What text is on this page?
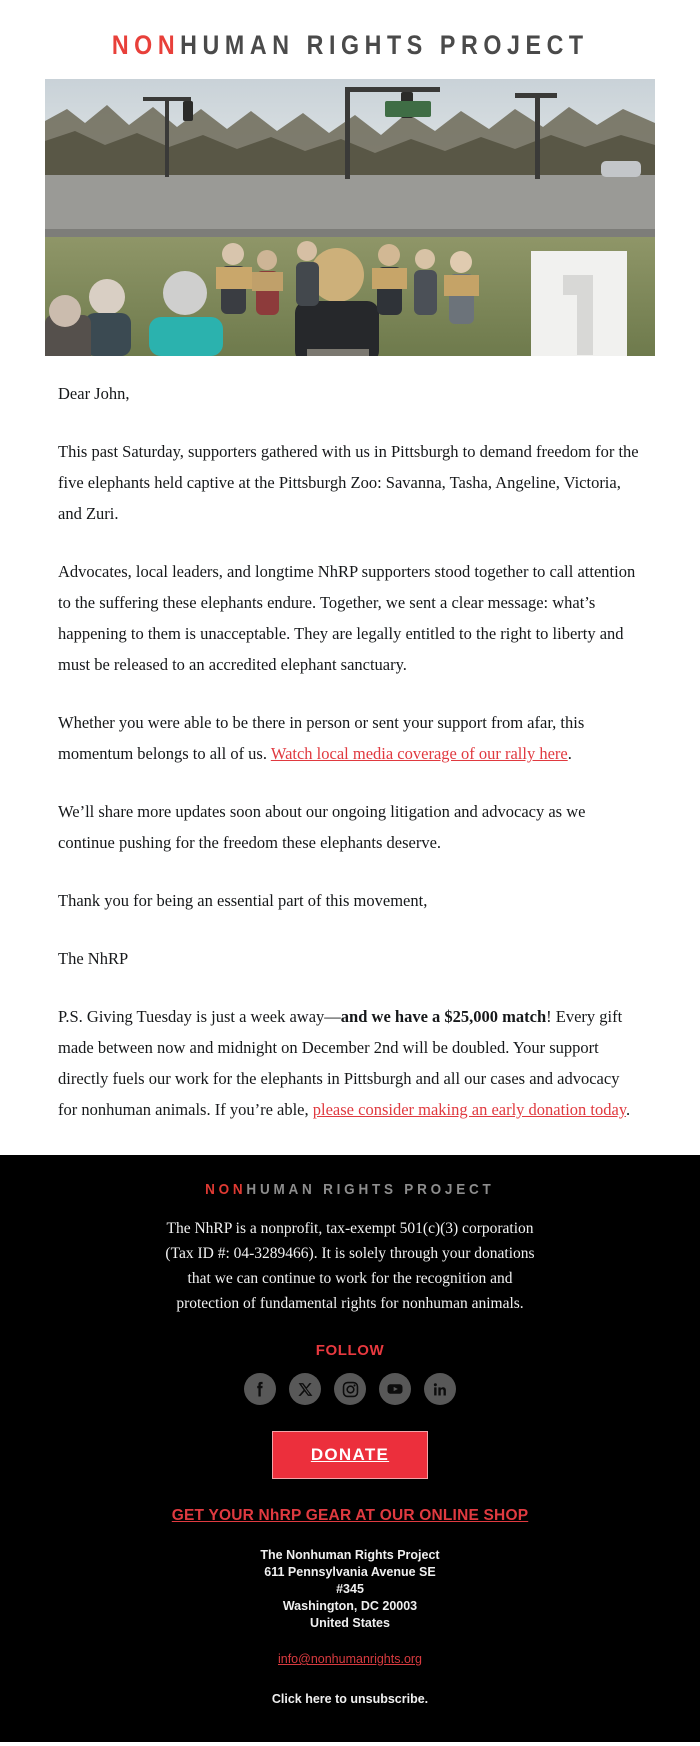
NONHUMAN RIGHTS PROJECT

Dear John,

This past Saturday, supporters gathered with us in Pittsburgh to demand freedom for the five elephants held captive at the Pittsburgh Zoo: Savanna, Tasha, Angeline, Victoria, and Zuri.

Advocates, local leaders, and longtime NhRP supporters stood together to call attention to the suffering these elephants endure. Together, we sent a clear message: what’s happening to them is unacceptable. They are legally entitled to the right to liberty and must be released to an accredited elephant sanctuary.

Whether you were able to be there in person or sent your support from afar, this momentum belongs to all of us. Watch local media coverage of our rally here.

We’ll share more updates soon about our ongoing litigation and advocacy as we continue pushing for the freedom these elephants deserve.

Thank you for being an essential part of this movement,

The NhRP

P.S. Giving Tuesday is just a week away—and we have a $25,000 match! Every gift made between now and midnight on December 2nd will be doubled. Your support directly fuels our work for the elephants in Pittsburgh and all our cases and advocacy for nonhuman animals. If you’re able, please consider making an early donation today.

NONHUMAN RIGHTS PROJECT
The NhRP is a nonprofit, tax-exempt 501(c)(3) corporation
(Tax ID #: 04-3289466). It is solely through your donations
that we can continue to work for the recognition and
protection of fundamental rights for nonhuman animals.
FOLLOW
DONATE
GET YOUR NhRP GEAR AT OUR ONLINE SHOP
The Nonhuman Rights Project
611 Pennsylvania Avenue SE
#345
Washington, DC 20003
United States
info@nonhumanrights.org
Click here to unsubscribe.
